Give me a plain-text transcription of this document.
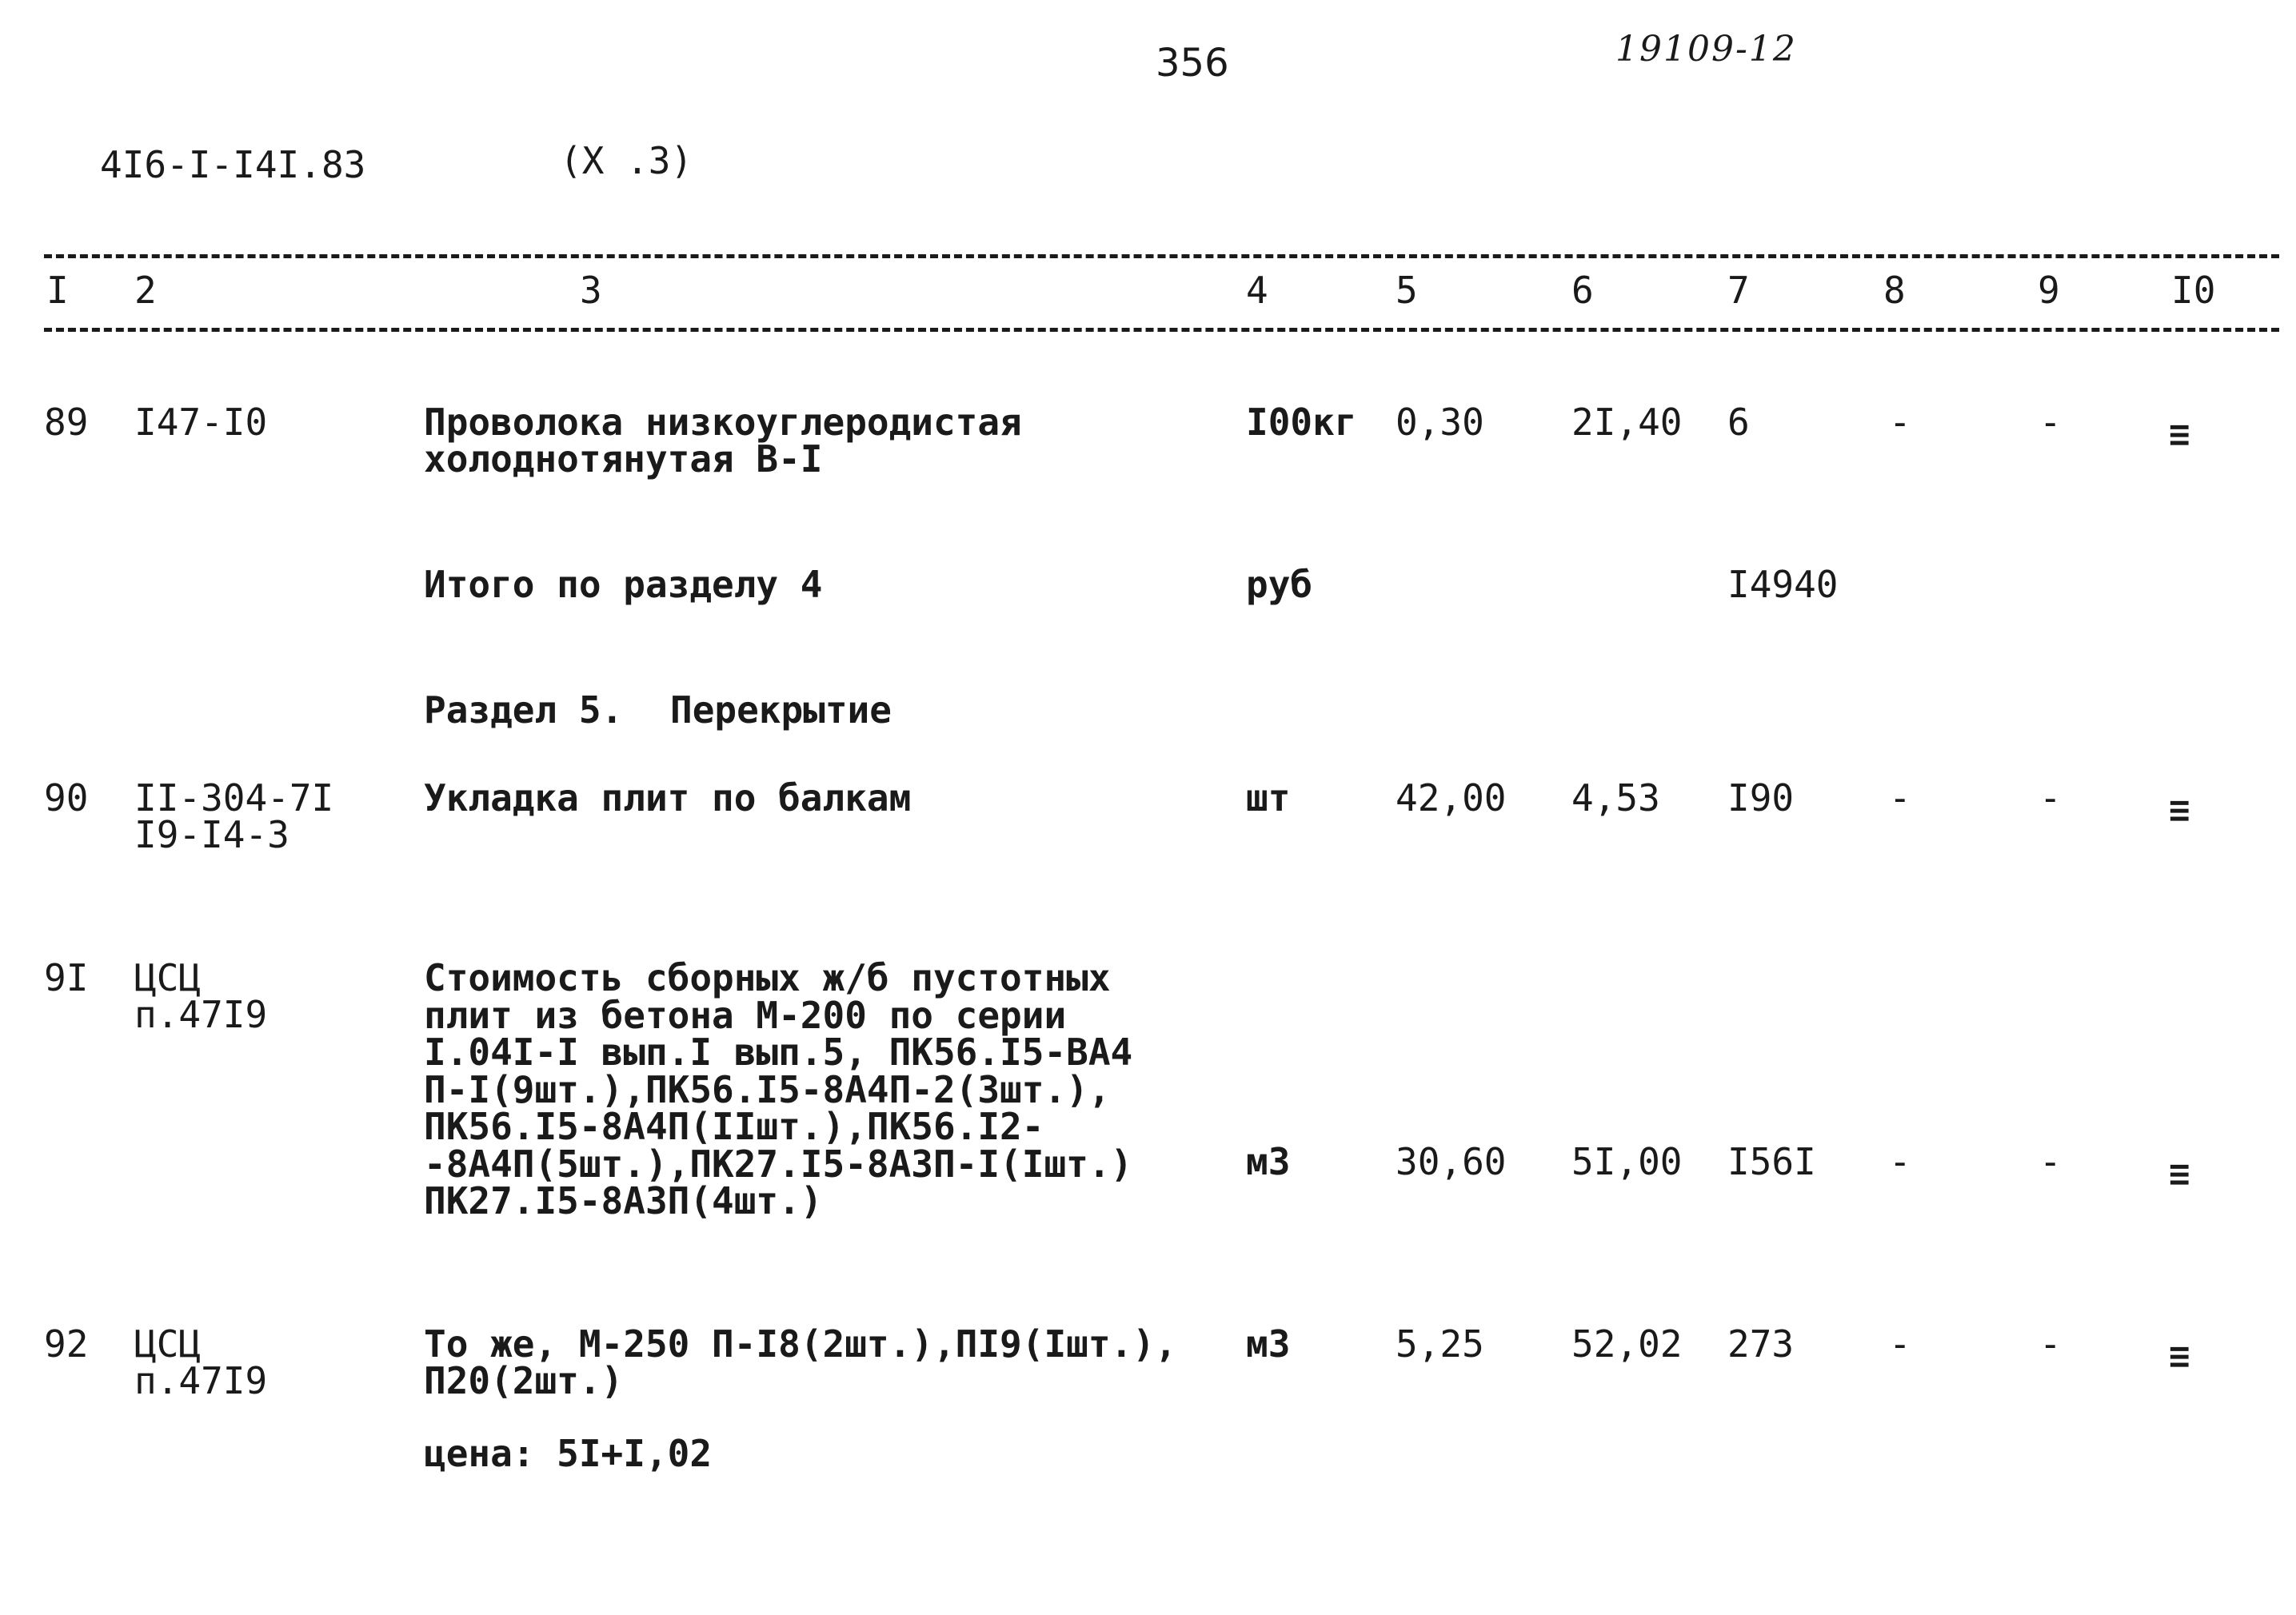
356	19109-12
4I6-I-I4I.83	(X .3)
I 2	3	4	5	6	7	8	9	I0
89 I47-I0	Проволока низкоуглеродистая
холоднотянутая В-I
I00кг 0,30 2I,40 6	-	-	≡
Итого по разделу 4	руб	I4940
Раздел 5. Перекрытие
90 II-304-7I
I9-I4-3
Укладка плит по балкам	шт	42,00 4,53 I90	-	-	≡
9I ЦСЦ
п.47I9
Стоимость сборных ж/б пустотных
плит из бетона М-200 по серии
I.04I-I вып.I вып.5, ПК56.I5-ВА4
П-I(9шт.),ПК56.I5-8А4П-2(3шт.),
ПК56.I5-8А4П(IIшт.),ПК56.I2-
-8А4П(5шт.),ПК27.I5-8А3П-I(Iшт.)
ПК27.I5-8А3П(4шт.)
м3	30,60 5I,00 I56I -	-	≡
92 ЦСЦ
п.47I9
То же, М-250 П-I8(2шт.),ПI9(Iшт.),
П20(2шт.)
м3	5,25 52,02 273	-	-	≡
цена: 5I+I,02
